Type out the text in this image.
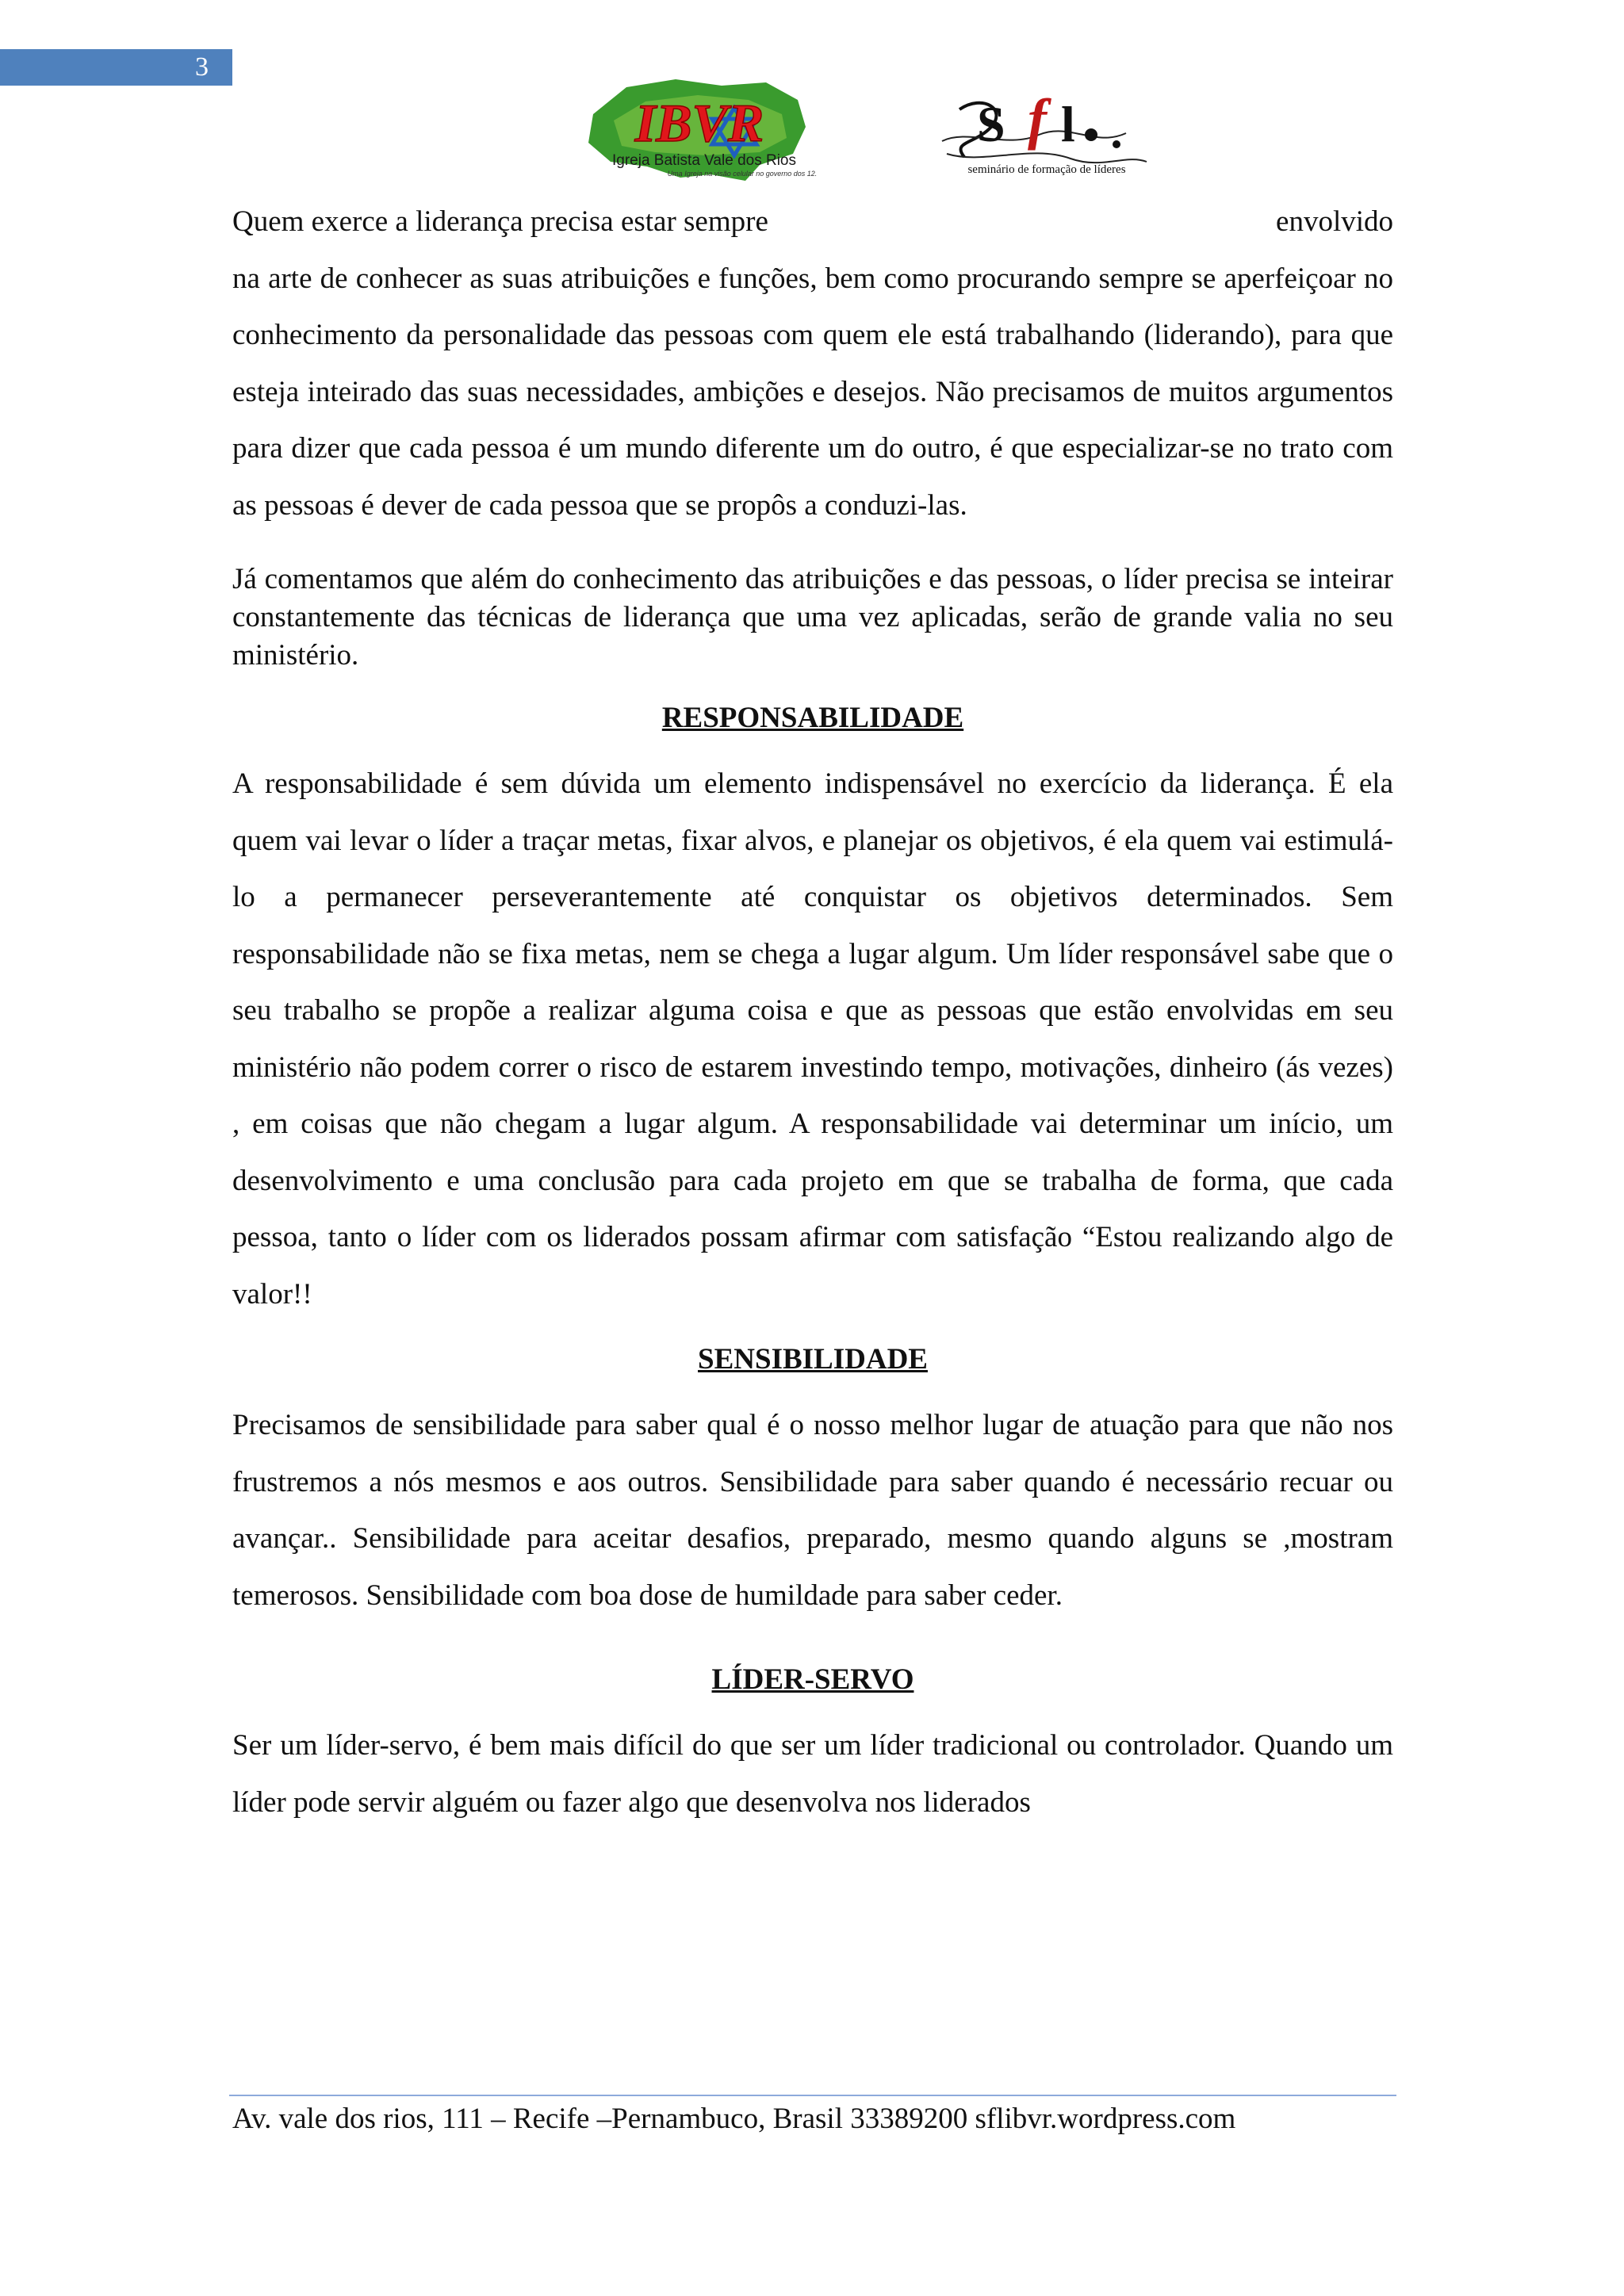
3
IBVR
Igreja Batista Vale dos Rios
Uma Igreja na visão celular no governo dos 12.
S f l
seminário de formação de líderes

Quem exerce a liderança precisa estar sempre	envolvido
na arte de conhecer as suas atribuições e funções, bem como procurando sempre se aperfeiçoar no conhecimento da personalidade das pessoas com quem ele está trabalhando (liderando), para que esteja inteirado das suas necessidades, ambições e desejos. Não precisamos de muitos argumentos para dizer que cada pessoa é um mundo diferente um do outro, é que especializar-se no trato com as pessoas é dever de cada pessoa que se propôs a conduzi-las.

Já comentamos que além do conhecimento das atribuições e das pessoas, o líder precisa se inteirar constantemente das técnicas de liderança que uma vez aplicadas, serão de grande valia no seu ministério.

RESPONSABILIDADE

A responsabilidade é sem dúvida um elemento indispensável no exercício da liderança. É ela quem vai levar o líder a traçar metas, fixar alvos, e planejar os objetivos, é ela quem vai estimulá-lo a permanecer perseverantemente até conquistar os objetivos determinados. Sem responsabilidade não se fixa metas, nem se chega a lugar algum. Um líder responsável sabe que o seu trabalho se propõe a realizar alguma coisa e que as pessoas que estão envolvidas em seu ministério não podem correr o risco de estarem investindo tempo, motivações, dinheiro (ás vezes) , em coisas que não chegam a lugar algum. A responsabilidade vai determinar um início, um desenvolvimento e uma conclusão para cada projeto em que se trabalha de forma, que cada pessoa, tanto o líder com os liderados possam afirmar com satisfação “Estou realizando algo de valor!!

SENSIBILIDADE

Precisamos de sensibilidade para saber qual é o nosso melhor lugar de atuação para que não nos frustremos a nós mesmos e aos outros. Sensibilidade para saber quando é necessário recuar ou avançar.. Sensibilidade para aceitar desafios, preparado, mesmo quando alguns se ,mostram temerosos. Sensibilidade com boa dose de humildade para saber ceder.

LÍDER-SERVO

Ser um líder-servo, é bem mais difícil do que ser um líder tradicional ou controlador. Quando um líder pode servir alguém ou fazer algo que desenvolva nos liderados

Av. vale dos rios, 111 – Recife –Pernambuco, Brasil 33389200 sflibvr.wordpress.com
